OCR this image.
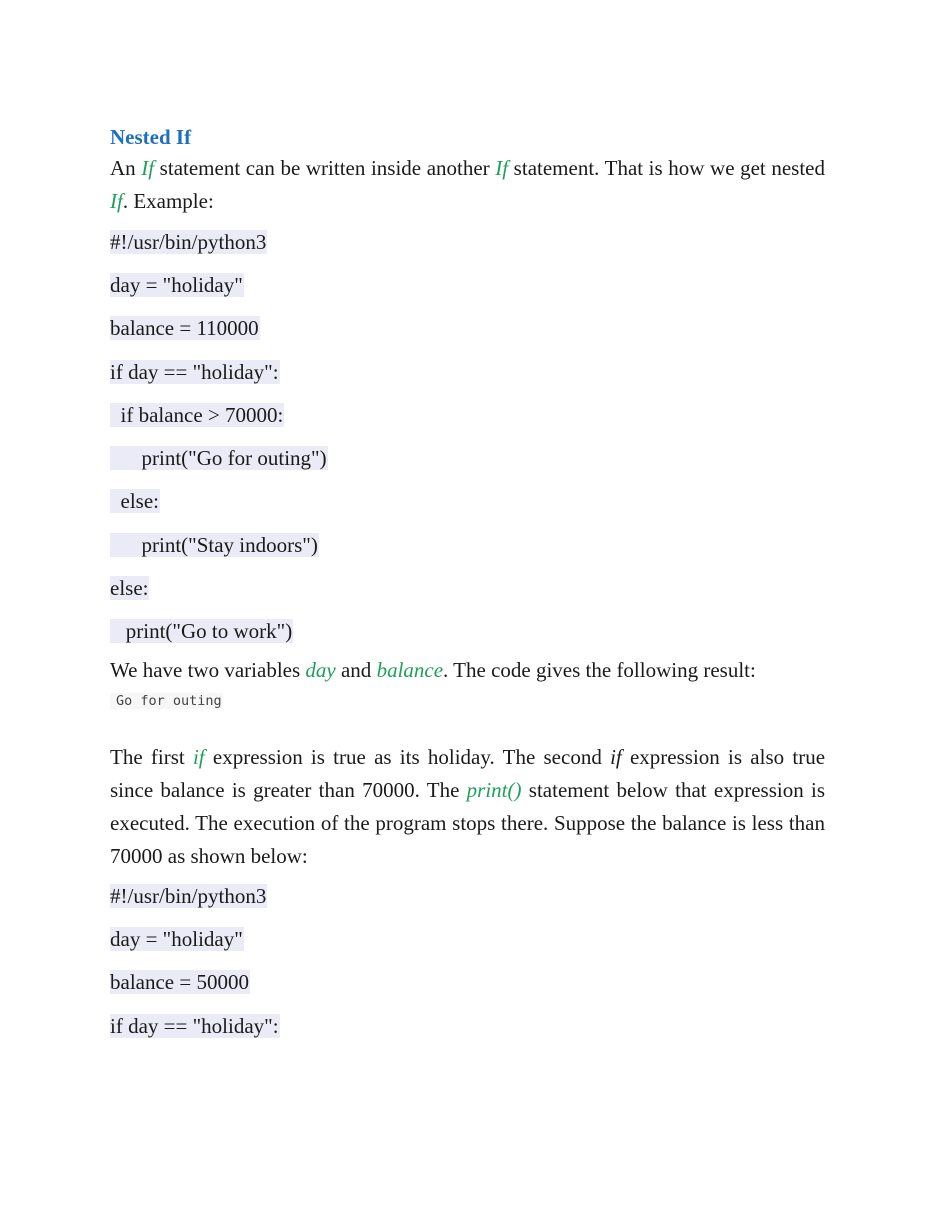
Nested If

An If statement can be written inside another If statement. That is how we get nested If. Example:

#!/usr/bin/python3
day = "holiday"
balance = 110000
if day == "holiday":
if balance > 70000:
print("Go for outing")
else:
print("Stay indoors")
else:
print("Go to work")

We have two variables day and balance. The code gives the following result:

Go for outing

The first if expression is true as its holiday. The second if expression is also true since balance is greater than 70000. The print() statement below that expression is executed. The execution of the program stops there. Suppose the balance is less than 70000 as shown below:

#!/usr/bin/python3
day = "holiday"
balance = 50000
if day == "holiday":
